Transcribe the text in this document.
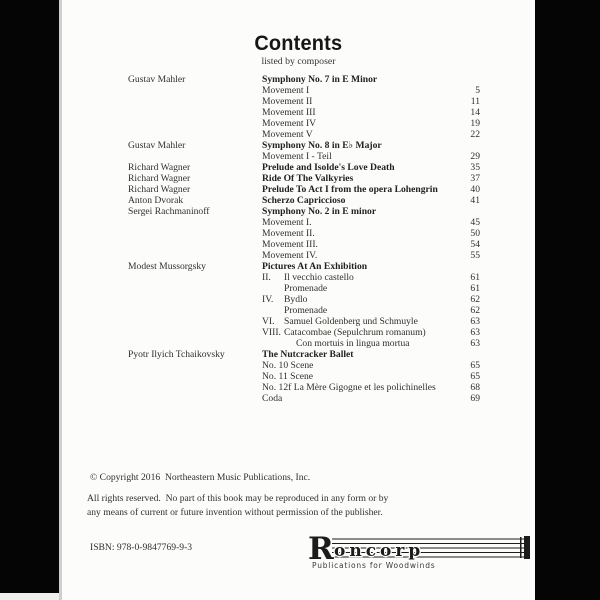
Contents
listed by composer
Gustav Mahler	Symphony No. 7 in E Minor
Movement I	5
Movement II	11
Movement III	14
Movement IV	19
Movement V	22
Gustav Mahler	Symphony No. 8 in E♭ Major
Movement I - Teil	29
Richard Wagner	Prelude and Isolde's Love Death	35
Richard Wagner	Ride Of The Valkyries	37
Richard Wagner	Prelude To Act I from the opera Lohengrin	40
Anton Dvorak	Scherzo Capriccioso	41
Sergei Rachmaninoff	Symphony No. 2 in E minor
Movement I.	45
Movement II.	50
Movement III.	54
Movement IV.	55
Modest Mussorgsky	Pictures At An Exhibition
II.	Il vecchio castello	61
Promenade	61
IV.	Bydlo	62
Promenade	62
VI. Samuel Goldenberg und Schmuyle	63
VIII. Catacombae (Sepulchrum romanum)	63
Con mortuis in lingua mortua	63
Pyotr Ilyich Tchaikovsky	The Nutcracker Ballet
No. 10 Scene	65
No. 11 Scene	65
No. 12f La Mère Gigogne et les polichinelles	68
Coda	69
© Copyright 2016  Northeastern Music Publications, Inc.
All rights reserved.  No part of this book may be reproduced in any form or by
any means of current or future invention without permission of the publisher.
ISBN: 978-0-9847769-9-3	R oncorp
Publications for Woodwinds
